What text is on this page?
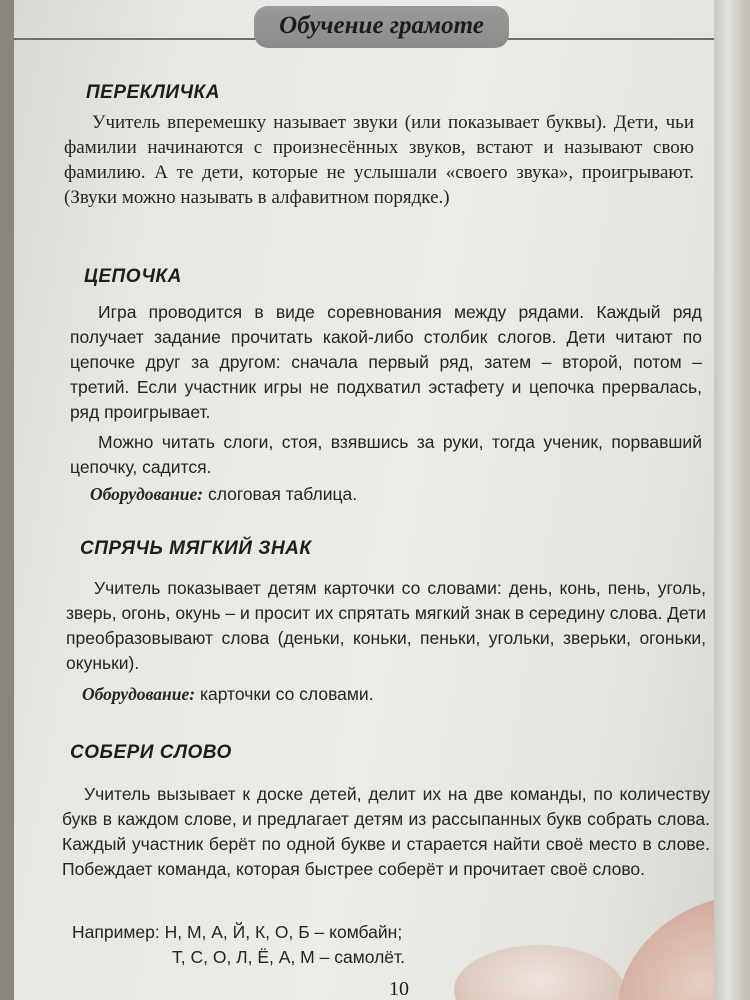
Обучение грамоте
ПЕРЕКЛИЧКА
Учитель вперемешку называет звуки (или показывает буквы). Дети, чьи фамилии начинаются с произнесённых звуков, встают и называют свою фамилию. А те дети, которые не услышали «своего звука», проигрывают. (Звуки можно называть в алфавитном порядке.)
ЦЕПОЧКА
Игра проводится в виде соревнования между рядами. Каждый ряд получает задание прочитать какой-либо столбик слогов. Дети читают по цепочке друг за другом: сначала первый ряд, затем – второй, потом – третий. Если участник игры не подхватил эстафету и цепочка прервалась, ряд проигрывает.
Можно читать слоги, стоя, взявшись за руки, тогда ученик, порвавший цепочку, садится.
Оборудование: слоговая таблица.
СПРЯЧЬ МЯГКИЙ ЗНАК
Учитель показывает детям карточки со словами: день, конь, пень, уголь, зверь, огонь, окунь – и просит их спрятать мягкий знак в середину слова. Дети преобразовывают слова (деньки, коньки, пеньки, угольки, зверьки, огоньки, окуньки).
Оборудование: карточки со словами.
СОБЕРИ СЛОВО
Учитель вызывает к доске детей, делит их на две команды, по количеству букв в каждом слове, и предлагает детям из рассыпанных букв собрать слова. Каждый участник берёт по одной букве и старается найти своё место в слове. Побеждает команда, которая быстрее соберёт и прочитает своё слово.
Например: Н, М, А, Й, К, О, Б – комбайн;
Т, С, О, Л, Ё, А, М – самолёт.
10
